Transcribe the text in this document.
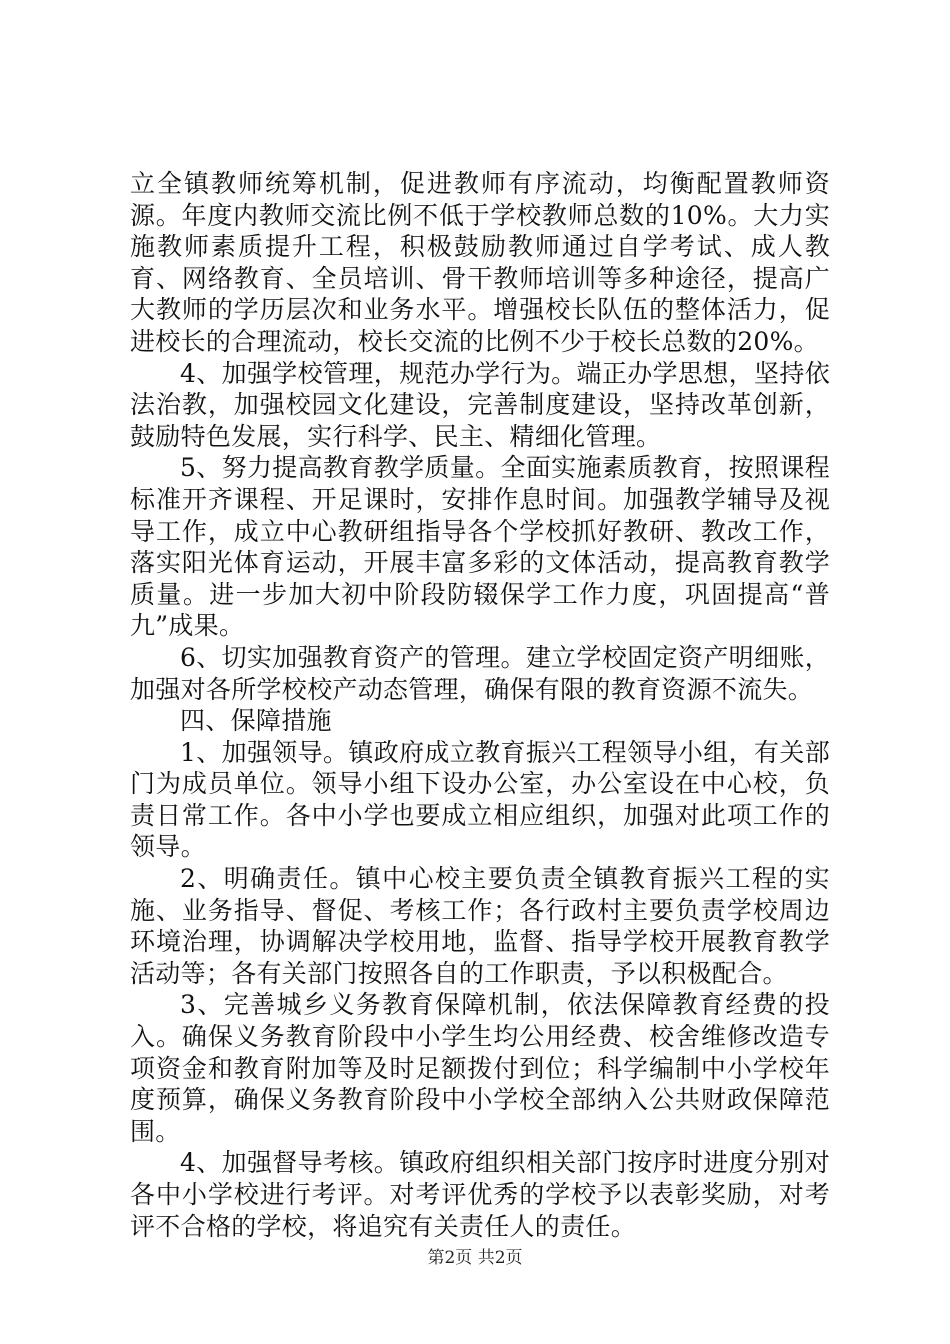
立全镇教师统筹机制，促进教师有序流动，均衡配置教师资源。年度内教师交流比例不低于学校教师总数的10%。大力实施教师素质提升工程，积极鼓励教师通过自学考试、成人教育、网络教育、全员培训、骨干教师培训等多种途径，提高广大教师的学历层次和业务水平。增强校长队伍的整体活力，促进校长的合理流动，校长交流的比例不少于校长总数的20%。

4、加强学校管理，规范办学行为。端正办学思想，坚持依法治教，加强校园文化建设，完善制度建设，坚持改革创新，鼓励特色发展，实行科学、民主、精细化管理。

5、努力提高教育教学质量。全面实施素质教育，按照课程标准开齐课程、开足课时，安排作息时间。加强教学辅导及视导工作，成立中心教研组指导各个学校抓好教研、教改工作，落实阳光体育运动，开展丰富多彩的文体活动，提高教育教学质量。进一步加大初中阶段防辍保学工作力度，巩固提高“普九”成果。

6、切实加强教育资产的管理。建立学校固定资产明细账，加强对各所学校校产动态管理，确保有限的教育资源不流失。

四、保障措施

1、加强领导。镇政府成立教育振兴工程领导小组，有关部门为成员单位。领导小组下设办公室，办公室设在中心校，负责日常工作。各中小学也要成立相应组织，加强对此项工作的领导。

2、明确责任。镇中心校主要负责全镇教育振兴工程的实施、业务指导、督促、考核工作；各行政村主要负责学校周边环境治理，协调解决学校用地，监督、指导学校开展教育教学活动等；各有关部门按照各自的工作职责，予以积极配合。

3、完善城乡义务教育保障机制，依法保障教育经费的投入。确保义务教育阶段中小学生均公用经费、校舍维修改造专项资金和教育附加等及时足额拨付到位；科学编制中小学校年度预算，确保义务教育阶段中小学校全部纳入公共财政保障范围。

4、加强督导考核。镇政府组织相关部门按序时进度分别对各中小学校进行考评。对考评优秀的学校予以表彰奖励，对考评不合格的学校，将追究有关责任人的责任。

第2页 共2页
